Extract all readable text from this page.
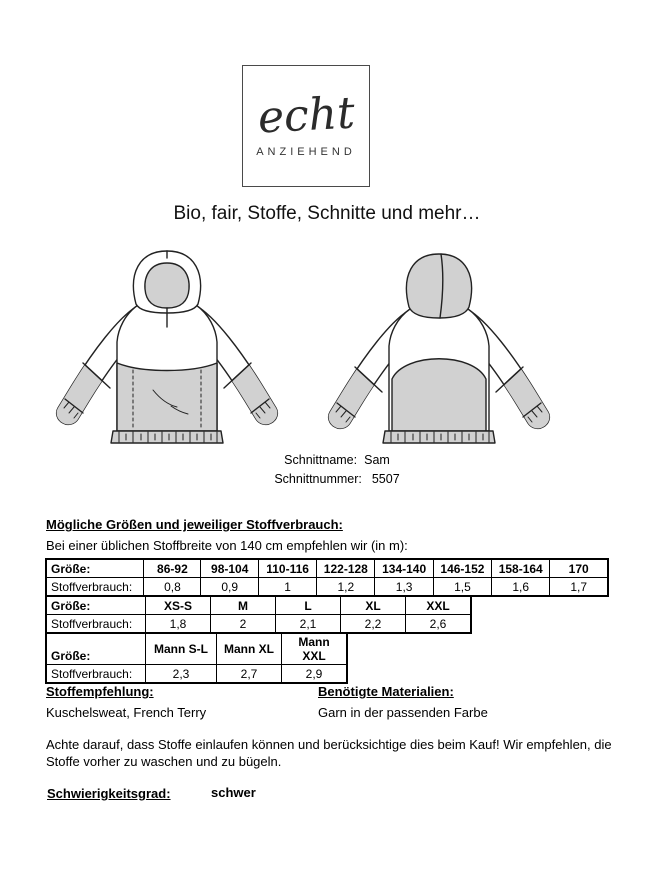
echt
ANZIEHEND
Bio, fair, Stoffe, Schnitte und mehr…
Schnittname: Sam
Schnittnummer: 5507
Mögliche Größen und jeweiliger Stoffverbrauch:
Bei einer üblichen Stoffbreite von 140 cm empfehlen wir (in m):
Größe:	86-92	98-104	110-116	122-128	134-140	146-152	158-164	170
Stoffverbrauch:	0,8	0,9	1	1,2	1,3	1,5	1,6	1,7
Größe:	XS-S	M	L	XL	XXL
Stoffverbrauch:	1,8	2	2,1	2,2	2,6
Größe:	Mann S-L	Mann XL	Mann XXL
Stoffverbrauch:	2,3	2,7	2,9
Stoffempfehlung:
Kuschelsweat, French Terry
Benötigte Materialien:
Garn in der passenden Farbe
Achte darauf, dass Stoffe einlaufen können und berücksichtige dies beim Kauf! Wir empfehlen, die Stoffe vorher zu waschen und zu bügeln.
Schwierigkeitsgrad:	schwer
